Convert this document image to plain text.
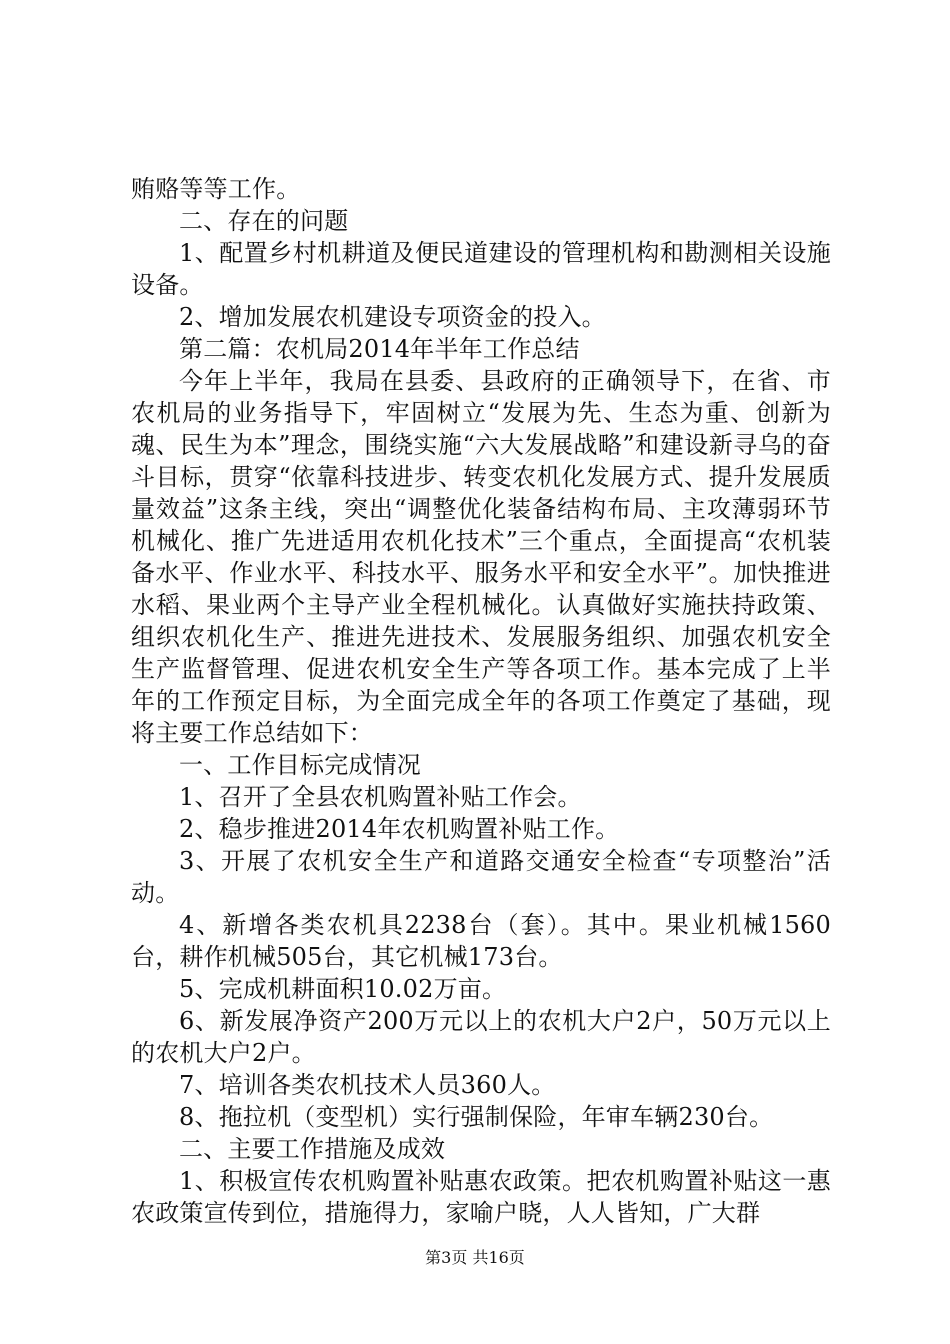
贿赂等等工作。

二、存在的问题

1、配置乡村机耕道及便民道建设的管理机构和勘测相关设施设备。

2、增加发展农机建设专项资金的投入。

第二篇：农机局2014年半年工作总结

今年上半年，我局在县委、县政府的正确领导下，在省、市农机局的业务指导下，牢固树立“发展为先、生态为重、创新为魂、民生为本”理念，围绕实施“六大发展战略”和建设新寻乌的奋斗目标，贯穿“依靠科技进步、转变农机化发展方式、提升发展质量效益”这条主线，突出“调整优化装备结构布局、主攻薄弱环节机械化、推广先进适用农机化技术”三个重点，全面提高“农机装备水平、作业水平、科技水平、服务水平和安全水平”。加快推进水稻、果业两个主导产业全程机械化。认真做好实施扶持政策、组织农机化生产、推进先进技术、发展服务组织、加强农机安全生产监督管理、促进农机安全生产等各项工作。基本完成了上半年的工作预定目标，为全面完成全年的各项工作奠定了基础，现将主要工作总结如下：

一、工作目标完成情况

1、召开了全县农机购置补贴工作会。

2、稳步推进2014年农机购置补贴工作。

3、开展了农机安全生产和道路交通安全检查“专项整治”活动。

4、新增各类农机具2238台（套）。其中。果业机械1560台，耕作机械505台，其它机械173台。

5、完成机耕面积10.02万亩。

6、新发展净资产200万元以上的农机大户2户，50万元以上的农机大户2户。

7、培训各类农机技术人员360人。

8、拖拉机（变型机）实行强制保险，年审车辆230台。

二、主要工作措施及成效

1、积极宣传农机购置补贴惠农政策。把农机购置补贴这一惠农政策宣传到位，措施得力，家喻户晓，人人皆知，广大群

第3页 共16页
